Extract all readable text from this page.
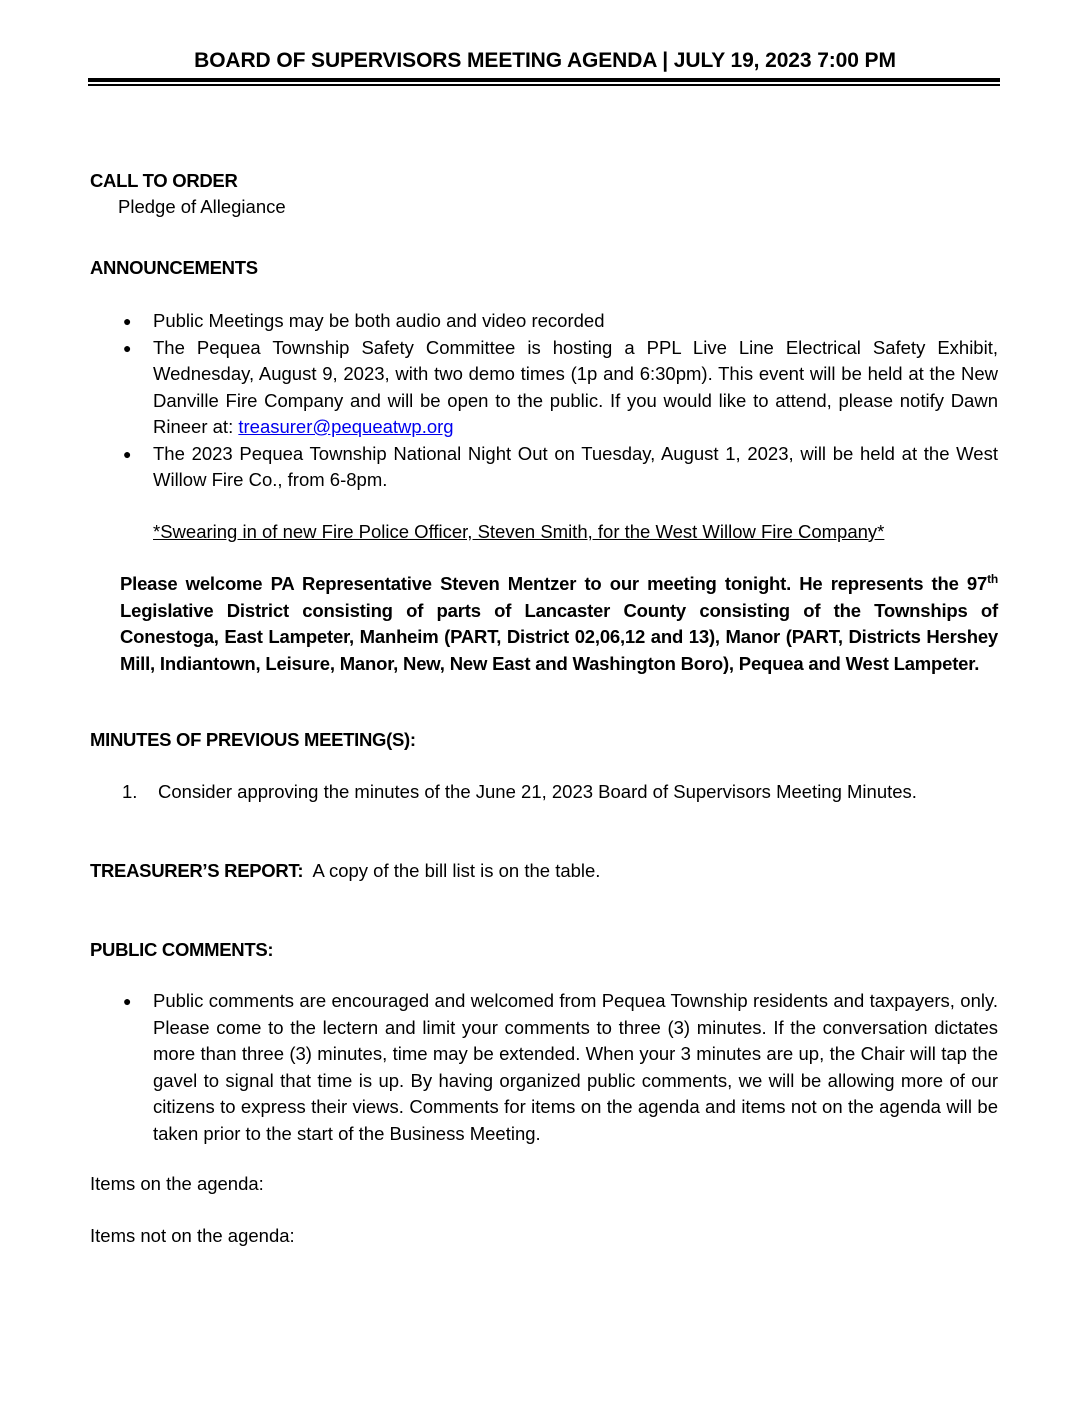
BOARD OF SUPERVISORS MEETING AGENDA | JULY 19, 2023 7:00 PM
CALL TO ORDER
Pledge of Allegiance
ANNOUNCEMENTS
● Public Meetings may be both audio and video recorded
● The Pequea Township Safety Committee is hosting a PPL Live Line Electrical Safety Exhibit, Wednesday, August 9, 2023, with two demo times (1p and 6:30pm). This event will be held at the New Danville Fire Company and will be open to the public. If you would like to attend, please notify Dawn Rineer at: treasurer@pequeatwp.org
● The 2023 Pequea Township National Night Out on Tuesday, August 1, 2023, will be held at the West Willow Fire Co., from 6-8pm.
*Swearing in of new Fire Police Officer, Steven Smith, for the West Willow Fire Company*
Please welcome PA Representative Steven Mentzer to our meeting tonight. He represents the 97th Legislative District consisting of parts of Lancaster County consisting of the Townships of Conestoga, East Lampeter, Manheim (PART, District 02,06,12 and 13), Manor (PART, Districts Hershey Mill, Indiantown, Leisure, Manor, New, New East and Washington Boro), Pequea and West Lampeter.
MINUTES OF PREVIOUS MEETING(S):
1. Consider approving the minutes of the June 21, 2023 Board of Supervisors Meeting Minutes.
TREASURER’S REPORT:  A copy of the bill list is on the table.
PUBLIC COMMENTS:
● Public comments are encouraged and welcomed from Pequea Township residents and taxpayers, only. Please come to the lectern and limit your comments to three (3) minutes. If the conversation dictates more than three (3) minutes, time may be extended. When your 3 minutes are up, the Chair will tap the gavel to signal that time is up. By having organized public comments, we will be allowing more of our citizens to express their views. Comments for items on the agenda and items not on the agenda will be taken prior to the start of the Business Meeting.
Items on the agenda:
Items not on the agenda:
